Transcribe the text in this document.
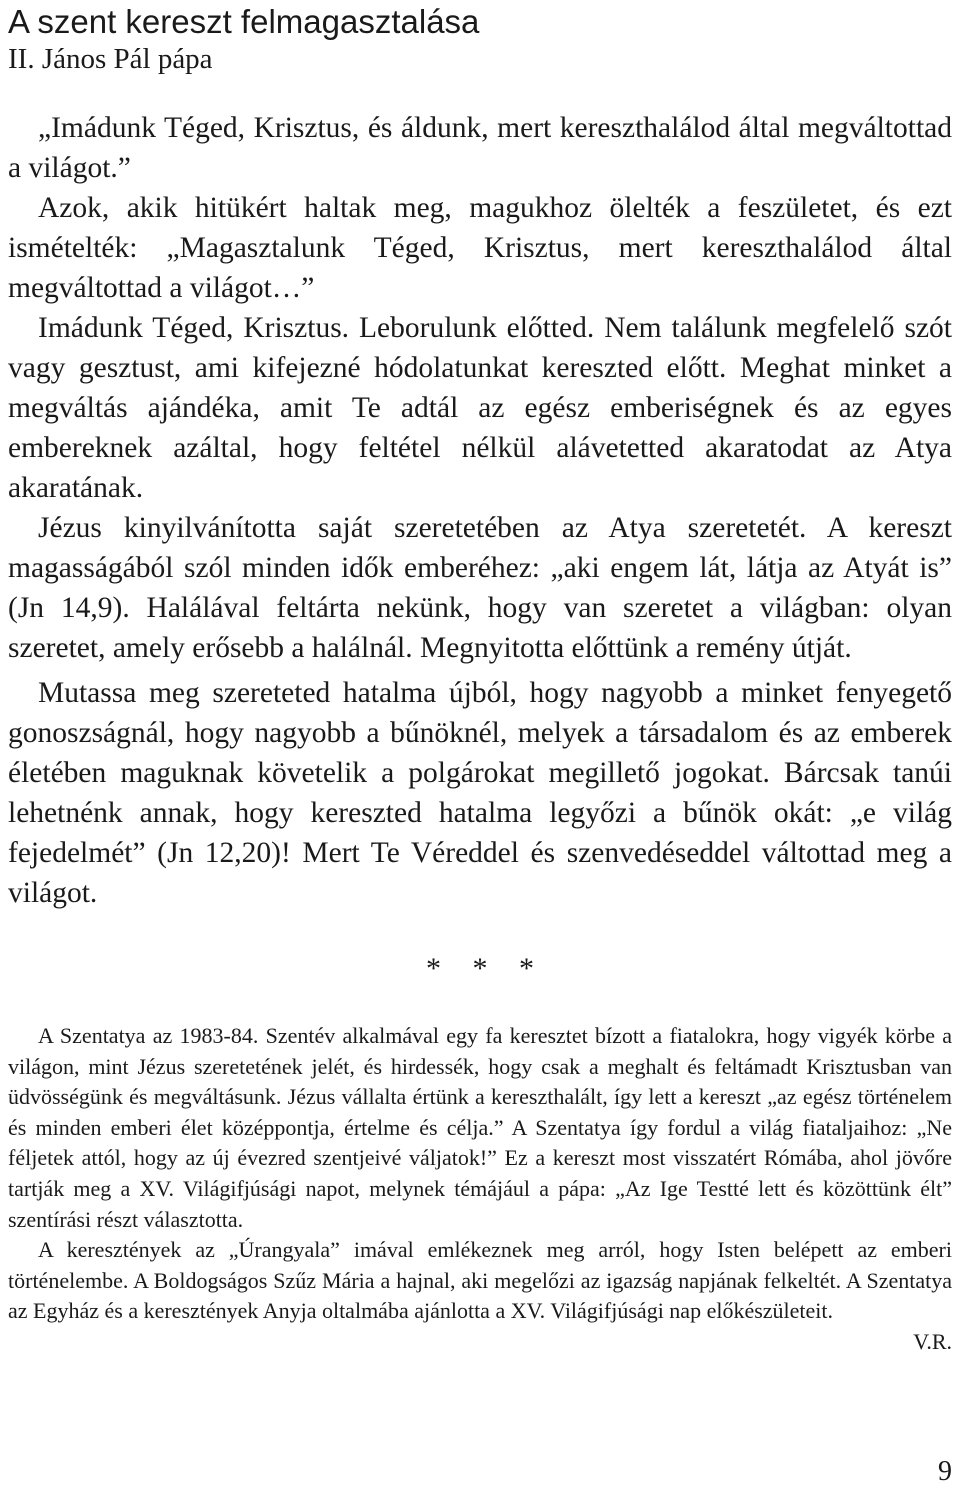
A szent kereszt felmagasztalása
II. János Pál pápa

„Imádunk Téged, Krisztus, és áldunk, mert kereszthalálod által megváltottad a világot.”

Azok, akik hitükért haltak meg, magukhoz ölelték a feszületet, és ezt ismételték: „Magasztalunk Téged, Krisztus, mert kereszthalálod által megváltottad a világot…”

Imádunk Téged, Krisztus. Leborulunk előtted. Nem találunk megfelelő szót vagy gesztust, ami kifejezné hódolatunkat kereszted előtt. Meghat minket a megváltás ajándéka, amit Te adtál az egész emberiségnek és az egyes embereknek azáltal, hogy feltétel nélkül alávetetted akaratodat az Atya akaratának.

Jézus kinyilvánította saját szeretetében az Atya szeretetét. A kereszt magasságából szól minden idők emberéhez: „aki engem lát, látja az Atyát is” (Jn 14,9). Halálával feltárta nekünk, hogy van szeretet a világban: olyan szeretet, amely erősebb a halálnál. Megnyitotta előttünk a remény útját.

Mutassa meg szereteted hatalma újból, hogy nagyobb a minket fenyegető gonoszságnál, hogy nagyobb a bűnöknél, melyek a társadalom és az emberek életében maguknak követelik a polgárokat megillető jogokat. Bárcsak tanúi lehetnénk annak, hogy kereszted hatalma legyőzi a bűnök okát: „e világ fejedelmét” (Jn 12,20)! Mert Te Véreddel és szenvedéseddel váltottad meg a világot.

* * *

A Szentatya az 1983-84. Szentév alkalmával egy fa keresztet bízott a fiatalokra, hogy vigyék körbe a világon, mint Jézus szeretetének jelét, és hirdessék, hogy csak a meghalt és feltámadt Krisztusban van üdvösségünk és megváltásunk. Jézus vállalta értünk a kereszthalált, így lett a kereszt „az egész történelem és minden emberi élet középpontja, értelme és célja.” A Szentatya így fordul a világ fiataljaihoz: „Ne féljetek attól, hogy az új évezred szentjeivé váljatok!” Ez a kereszt most visszatért Rómába, ahol jövőre tartják meg a XV. Világifjúsági napot, melynek témájául a pápa: „Az Ige Testté lett és közöttünk élt” szentírási részt választotta.

A keresztények az „Úrangyala” imával emlékeznek meg arról, hogy Isten belépett az emberi történelembe. A Boldogságos Szűz Mária a hajnal, aki megelőzi az igazság napjának felkeltét. A Szentatya az Egyház és a keresztények Anyja oltalmába ajánlotta a XV. Világifjúsági nap előkészületeit.
V.R.

9
